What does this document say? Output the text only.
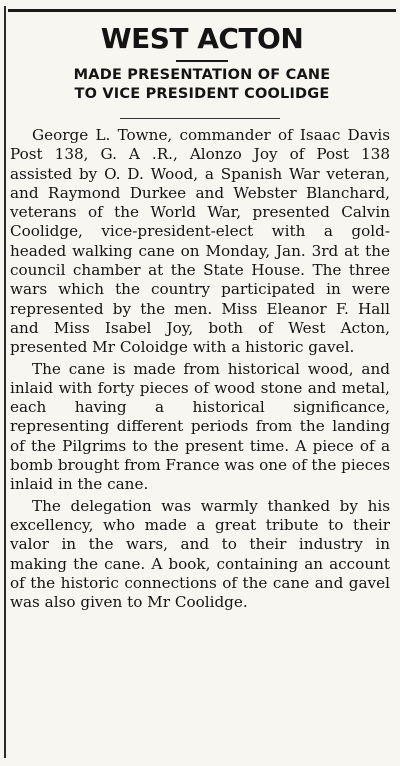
WEST ACTON
MADE PRESENTATION OF CANE
TO VICE PRESIDENT COOLIDGE

George L. Towne, commander of Isaac Davis Post 138, G. A .R., Alonzo Joy of Post 138 assisted by O. D. Wood, a Spanish War veteran, and Raymond Durkee and Webster Blanchard, veterans of the World War, presented Calvin Coolidge, vice-president-elect with a gold-headed walking cane on Monday, Jan. 3rd at the council chamber at the State House. The three wars which the country participated in were represented by the men. Miss Eleanor F. Hall and Miss Isabel Joy, both of West Acton, presented Mr Coloidge with a historic gavel.

The cane is made from historical wood, and inlaid with forty pieces of wood stone and metal, each having a historical significance, representing different periods from the landing of the Pilgrims to the present time. A piece of a bomb brought from France was one of the pieces inlaid in the cane.

The delegation was warmly thanked by his excellency, who made a great tribute to their valor in the wars, and to their industry in making the cane. A book, containing an account of the historic connections of the cane and gavel was also given to Mr Coolidge.
